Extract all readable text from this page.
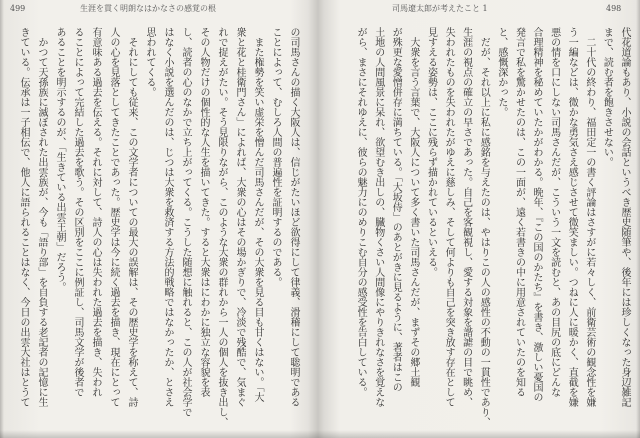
499	生涯を貫く明朗なはかなさの感覚の根	司馬遼太郎が考えたこと 1	498
の司馬さんの描く大阪人は、信じがたいほど欲得にして律義、滑稽にして聡明である
ことによって、むしろ人間の普遍性を証明するのである。
　また権勢を笑い虚栄を憎んだ司馬さんだが、その大衆を見る目も甘くはない。「大
衆と花と桂衛門さん」によれば、大衆の心はその場かぎりで、冷淡で残酷で、気まぐ
れで捉えがたい。そう見限りながら、このような大衆の群れから一人の個人を抜き出し、
その人物だけの個性的な人生を描いてきた。すると大衆はにわかに独立な容貌を表
し、読者の心のなかで立ち上がってくる。こうした随想に触れると、この人が社会学で
はなく小説を選んだのは、じつは大衆を救済する方法的戦略ではなかったか、とさえ
思われてくる。
　それにしても従来、この文学者についての最大の誤解は、その歴史学を称えて、詩
人の心を見落としてきたことであった。歴史学は今に続く過去を描き、現在にとって
有意味ある過去を伝える。それに対して、詩人の心は失われた過去を描き、失われ
ることによって完結した過去を歌う。その区別をここに例証し、司馬文学が後者で
あることを明示するのが、「生きている出雲王朝」だろう。
　かつて天孫族に滅ぼされた出雲族が、今も「語り部」を自負する老記者の記憶に生
きている。伝承は一子相伝で、他人に語られることはなく、今日の出雲大社はとうて	代花道論もあり、小説の会話というべき歴史随筆や、後年には珍しくなった身辺雑記
まで、読む者を飽きさせない。
　二十代の終わり、福田定一の書く評論はさすがに若々しく、前衛芸術の観念性を嫌
う一編などは、微かな勇気さえ感じさせて微笑ましい。つねに人に暖かく、直截を嫌
悪の情を口にしない司馬さんだが、こういう一文を読むと、あの目尻の底にどんな
合理精神を秘めていたかがわかる。晩年、『この国のかたち』を書き、激しい憂国の
発言で私を驚かせたのは、この一面が、遠く若書きの中に用意されていたのを知る
と、感慨深かった。
　だが、それ以上に私に感銘を与えたのは、やはりこの人の感性の不動の一貫性であり、
生涯の視点の確立の早さであった。自己を客観視し、愛する対象を諧謔の目で眺め、
失われたものを失われたがゆえに慈しみ、そして何よりも自己を突き放す存在として
見すえる姿勢は、ここに残らず描かれているといえる。
　大衆を言う言葉で、大阪人について多く書いた司馬さんだが、まずその郷土観
が殊更な愛憎併存に満ちている。「大坂侍」のあとがきに見るように、著者はこの
土地の人間風景に呆れ、欲望むき出しの、臓物くさい人間像にやりきれなさを覚えな
がら、まさにそれゆえに、彼らの魅力にのめりこむ自分の感受性を告白している。
